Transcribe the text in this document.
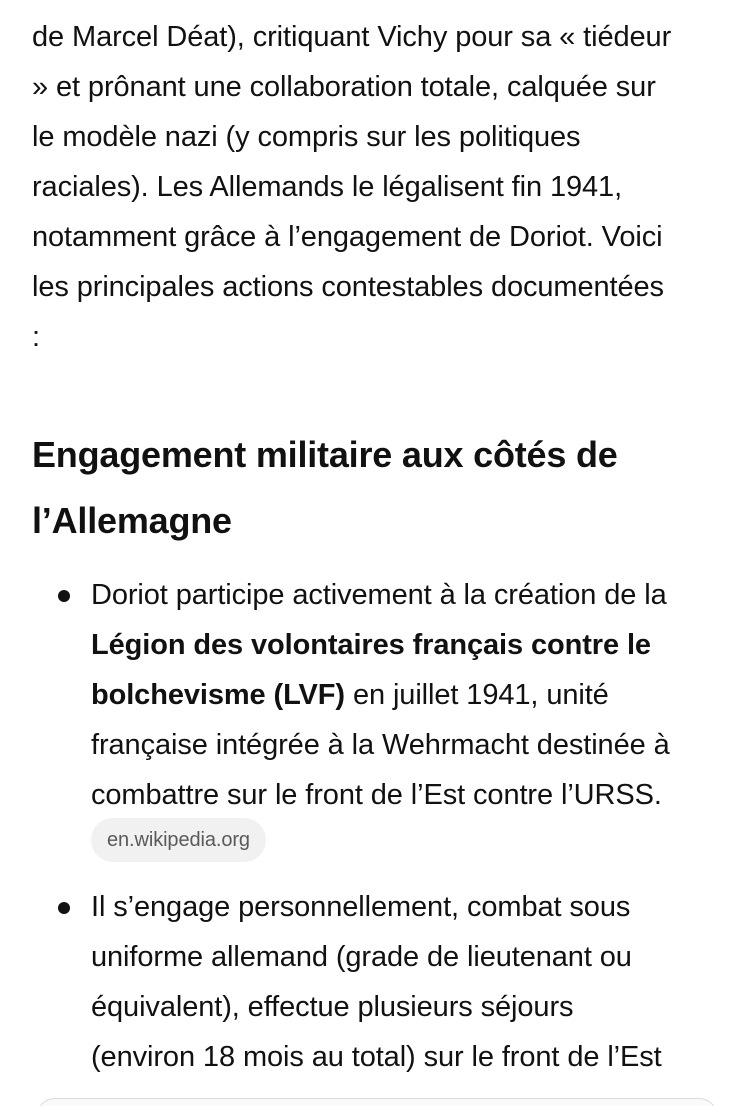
de Marcel Déat), critiquant Vichy pour sa « tiédeur
» et prônant une collaboration totale, calquée sur
le modèle nazi (y compris sur les politiques
raciales). Les Allemands le légalisent fin 1941,
notamment grâce à l’engagement de Doriot. Voici
les principales actions contestables documentées
:
Engagement militaire aux côtés de
l’Allemagne
Doriot participe activement à la création de la
Légion des volontaires français contre le
bolchevisme (LVF) en juillet 1941, unité
française intégrée à la Wehrmacht destinée à
combattre sur le front de l’Est contre l’URSS.
en.wikipedia.org
Il s’engage personnellement, combat sous
uniforme allemand (grade de lieutenant ou
équivalent), effectue plusieurs séjours
(environ 18 mois au total) sur le front de l’Est
